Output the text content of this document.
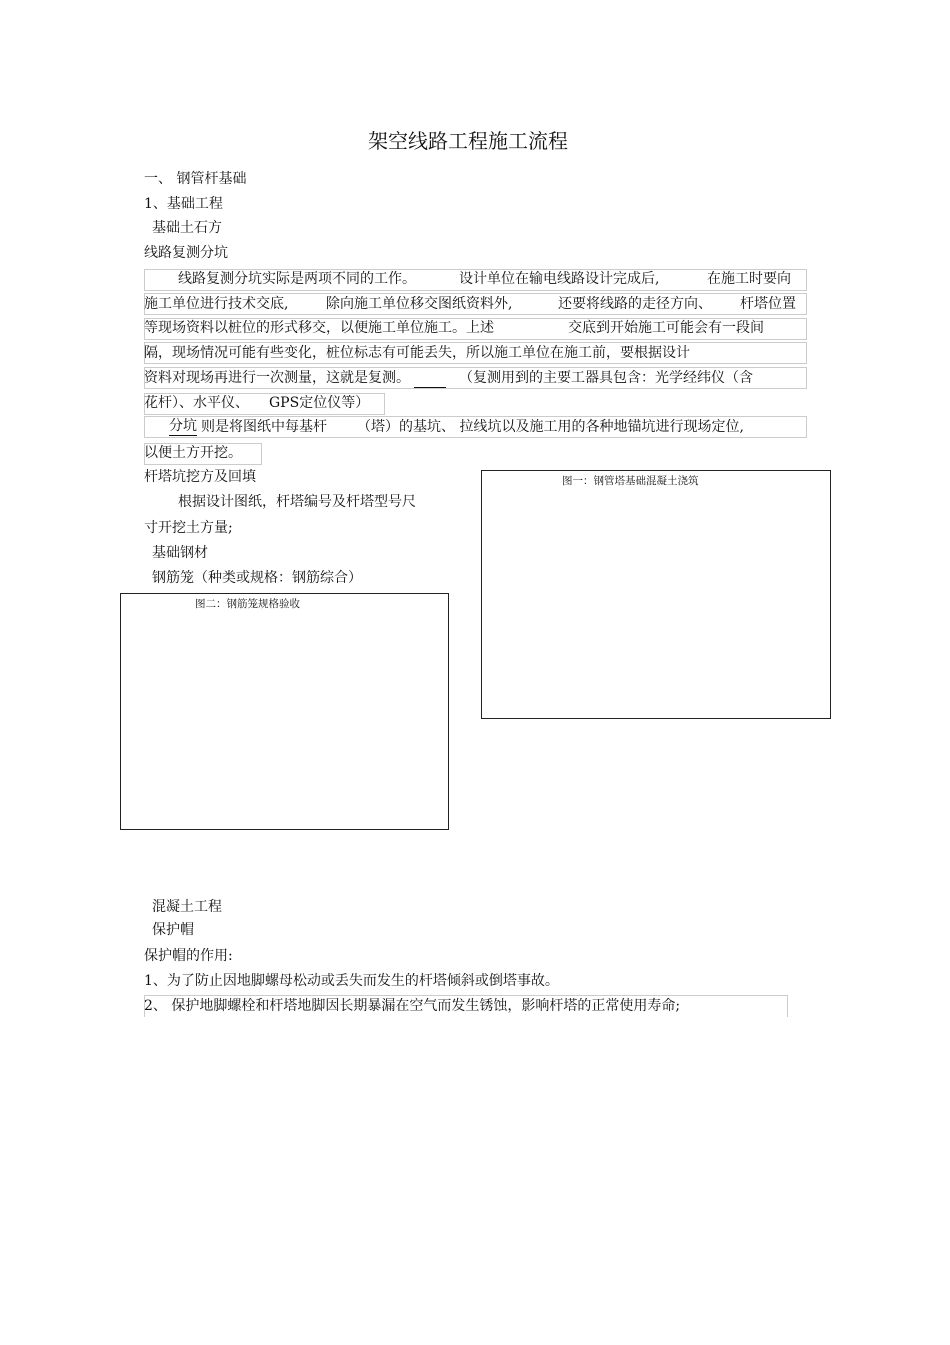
架空线路工程施工流程
一、 钢管杆基础
1、基础工程
基础土石方
线路复测分坑
线路复测分坑实际是两项不同的工作。	设计单位在输电线路设计完成后,	在施工时要向
施工单位进行技术交底,	除向施工单位移交图纸资料外,	还要将线路的走径方向、 杆塔位置
等现场资料以桩位的形式移交，以便施工单位施工。上述	交底到开始施工可能会有一段间
隔，现场情况可能有些变化，桩位标志有可能丢失，所以施工单位在施工前，要根据设计
资料对现场再进行一次测量，这就是复测。	（复测用到的主要工器具包含：光学经纬仪（含
花杆）、水平仪、 GPS定位仪等）
分坑 则是将图纸中每基杆 （塔） 的基坑、 拉线坑以及施工用的各种地锚坑进行现场定位,
以便土方开挖。
杆塔坑挖方及回填
根据设计图纸，杆塔编号及杆塔型号尺
寸开挖土方量;
基础钢材
钢筋笼（种类或规格：钢筋综合）
图一：钢管塔基础混凝土浇筑
图二：钢筋笼规格验收
混凝土工程
保护帽
保护帽的作用:
1、为了防止因地脚螺母松动或丢失而发生的杆塔倾斜或倒塔事故。
2、 保护地脚螺栓和杆塔地脚因长期暴漏在空气而发生锈蚀，影响杆塔的正常使用寿命;
